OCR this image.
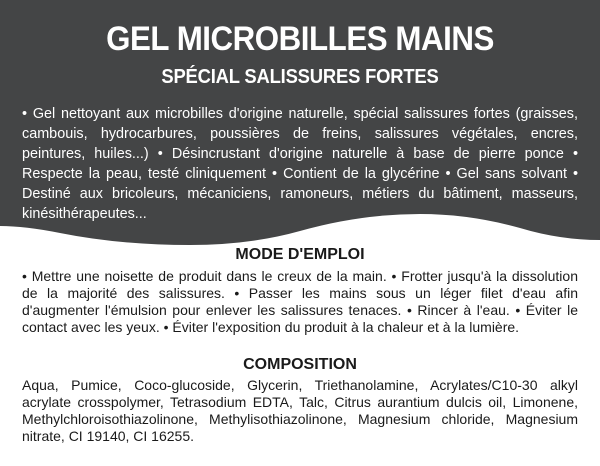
GEL MICROBILLES MAINS
SPÉCIAL SALISSURES FORTES
• Gel nettoyant aux microbilles d'origine naturelle, spécial salissures fortes (graisses, cambouis, hydrocarbures, poussières de freins, salissures végétales, encres, peintures, huiles...) • Désincrustant d'origine naturelle à base de pierre ponce • Respecte la peau, testé cliniquement • Contient de la glycérine • Gel sans solvant • Destiné aux bricoleurs, mécaniciens, ramoneurs, métiers du bâtiment, masseurs, kinésithérapeutes...
MODE D'EMPLOI
• Mettre une noisette de produit dans le creux de la main. • Frotter jusqu'à la dissolution de la majorité des salissures. • Passer les mains sous un léger filet d'eau afin d'augmenter l'émulsion pour enlever les salissures tenaces. • Rincer à l'eau. • Éviter le contact avec les yeux. • Éviter l'exposition du produit à la chaleur et à la lumière.
COMPOSITION
Aqua, Pumice, Coco-glucoside, Glycerin, Triethanolamine, Acrylates/C10-30 alkyl acrylate crosspolymer, Tetrasodium EDTA, Talc, Citrus aurantium dulcis oil, Limonene, Methylchloroisothiazolinone, Methylisothiazolinone, Magnesium chloride, Magnesium nitrate, CI 19140, CI 16255.
